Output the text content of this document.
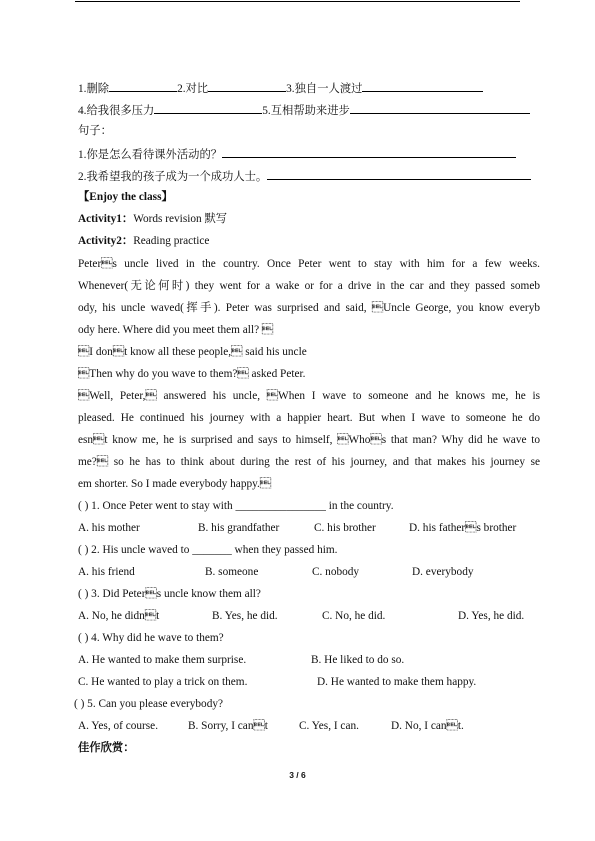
1.删除	2.对比	3.独自一人渡过
4.给我很多压力	5.互相帮助来进步
句子：
1.你是怎么看待课外活动的？
2.我希望我的孩子成为一个成功人士。
【Enjoy the class】
Activity1：Words revision 默写
Activity2：Reading practice
Peters uncle lived in the country. Once Peter went to stay with him for a few weeks.
Whenever(无论何时) they went for a wake or for a drive in the car and they passed someb
ody, his uncle waved(挥手). Peter was surprised and said, Uncle George, you know everyb
ody here. Where did you meet them all? 
I dont know all these people, said his uncle
Then why do you wave to them? asked Peter.
Well, Peter, answered his uncle, When I wave to someone and he knows me, he is
pleased. He continued his journey with a happier heart. But when I wave to someone he do
esnt know me, he is surprised and says to himself, Whos that man? Why did he wave to
me? so he has to think about during the rest of his journey, and that makes his journey se
em shorter. So I made everybody happy.
( ) 1. Once Peter went to stay with ________________ in the country.
A. his mother	B. his grandfather	C. his brother	D. his fathers brother
( ) 2. His uncle waved to _______ when they passed him.
A. his friend	B. someone	C. nobody	D. everybody
( ) 3. Did Peters uncle know them all?
A. No, he didnt	B. Yes, he did.	C. No, he did.	D. Yes, he did.
( ) 4. Why did he wave to them?
A. He wanted to make them surprise.	B. He liked to do so.
C. He wanted to play a trick on them.	D. He wanted to make them happy.
( ) 5. Can you please everybody?
A. Yes, of course.	B. Sorry, I cant	C. Yes, I can.	D. No, I cant.
佳作欣赏：
3 / 6
